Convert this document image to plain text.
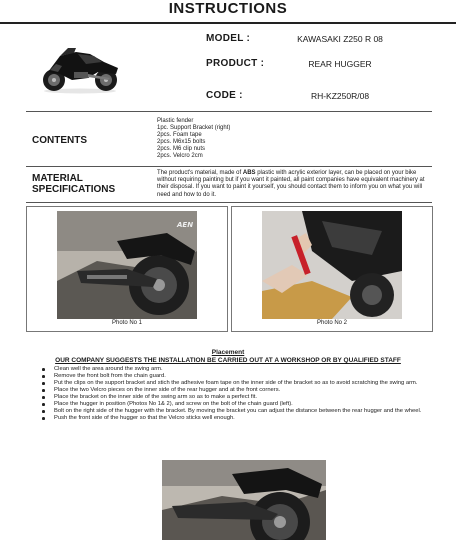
INSTRUCTIONS
MODEL :	KAWASAKI Z250 R 08
PRODUCT :	REAR HUGGER
CODE :	RH-KZ250R/08
CONTENTS
Plastic fender
1pc. Support Bracket (right)
2pcs. Foam tape
2pcs. M6x15 bolts
2pcs. M6 clip nuts
2pcs. Velcro 2cm
MATERIAL
SPECIFICATIONS
The product's material, made of ABS plastic with acrylic exterior layer, can be placed on your bike without requiring painting but if you want it painted, all paint companies have equivalent machinery at their disposal. If you want to paint it yourself, you should contact them to inform you on what you will need and how to do it.
AEN
Photo No 1	Photo No 2
Placement
OUR COMPANY SUGGESTS THE INSTALLATION BE CARRIED OUT AT A WORKSHOP OR BY QUALIFIED STAFF
Clean well the area around the swing arm.
Remove the front bolt from the chain guard.
Put the clips on the support bracket and stich the adhesive foam tape on the inner side of the bracket so as to avoid scratching the swing arm.
Place the two Velcro pieces on the inner side of the rear hugger and at the front corners.
Place the bracket on the inner side of the swing arm so as to make a perfect fit.
Place the hugger in position (Photos No 1& 2), and screw on the bolt of the chain guard (left).
Bolt on the right side of the hugger with the bracket. By moving the bracket you can adjust the distance between the rear hugger and the wheel.
Push the front side of the hugger so that the Velcro sticks well enough.
